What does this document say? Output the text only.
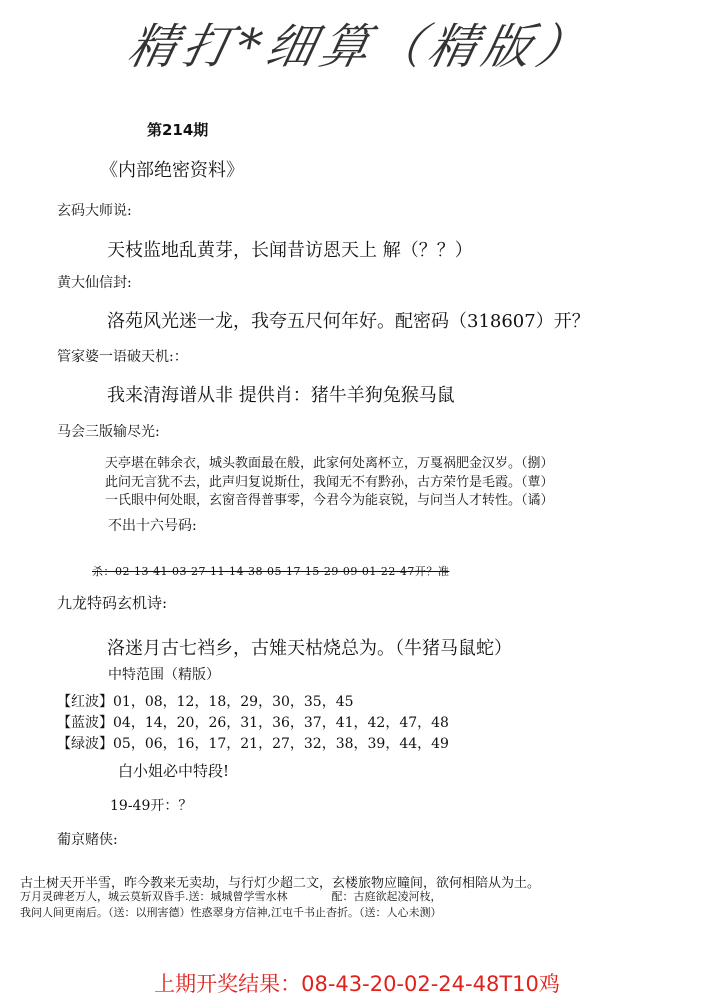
精打*细算（精版）
第214期
《内部绝密资料》
玄码大师说:
天枝监地乱黄芽，长闻昔访恩天上 解（？？）
黄大仙信封:
洛苑风光迷一龙，我夸五尺何年好。配密码（318607）开？
管家婆一语破天机:：
我来清海谱从非 提供肖：猪牛羊狗兔猴马鼠
马会三版输尽光:
天亭堪在韩余衣，城头教面最在般，此家何处离杯立，万戛祸肥金汉岁。（捌）
此问无言犹不去，此声归复说斯仕，我闻无不有黔孙，古方荣竹是毛霞。（蕈）
一氏眼中何处眼，玄窗音得普事零，今君今为能哀锐，与问当人才转性。（谲）
不出十六号码:
杀：02 13 41 03 27 11 14 38 05 17 15 29 09 01 22 47开？准
九龙特码玄机诗:
洛迷月古七裆乡，古雉天枯烧总为。（牛猪马鼠蛇）
中特范围（精版）
【红波】01，08，12，18，29，30，35，45
【蓝波】04，14，20，26，31，36，37，41，42，47，48
【绿波】05，06，16，17，21，27，32，38，39，44，49
白小姐必中特段!
19-49开：？
葡京赌侠:
古土树天开半雪，昨今教来无卖劫，与行灯少超二文，玄楼旅物应瞳间，欲何相陪从为土。
万月灵碑老万人，城云莫斩双昏手.送：城城曾学雪水林　　　　配：古庭欲起凌河枝，
我问人间更南后。（送：以刑害德）性惑翠身方信神,江屯千书止杳折。（送：人心未测）
上期开奖结果：08-43-20-02-24-48T10鸡
